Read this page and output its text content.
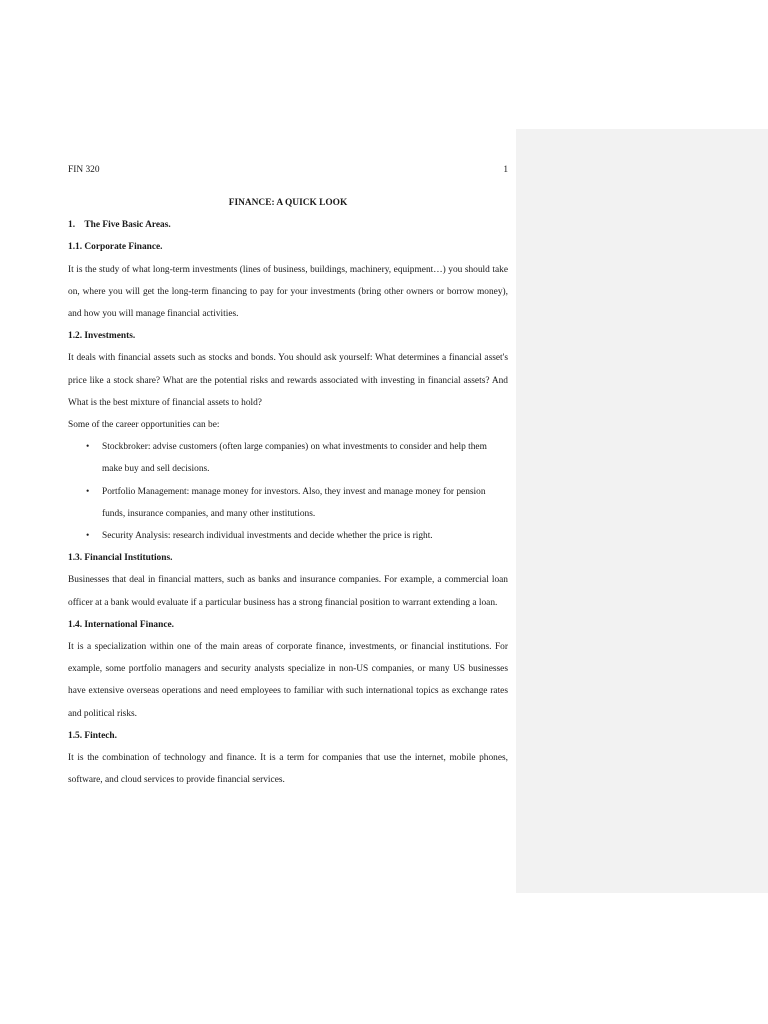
FIN 320	1

FINANCE: A QUICK LOOK

1.    The Five Basic Areas.

1.1. Corporate Finance.

It is the study of what long-term investments (lines of business, buildings, machinery, equipment…) you should take on, where you will get the long-term financing to pay for your investments (bring other owners or borrow money), and how you will manage financial activities.

1.2. Investments.

It deals with financial assets such as stocks and bonds. You should ask yourself: What determines a financial asset's price like a stock share? What are the potential risks and rewards associated with investing in financial assets? And What is the best mixture of financial assets to hold?

Some of the career opportunities can be:

• Stockbroker: advise customers (often large companies) on what investments to consider and help them make buy and sell decisions.
• Portfolio Management: manage money for investors. Also, they invest and manage money for pension funds, insurance companies, and many other institutions.
• Security Analysis: research individual investments and decide whether the price is right.

1.3. Financial Institutions.

Businesses that deal in financial matters, such as banks and insurance companies. For example, a commercial loan officer at a bank would evaluate if a particular business has a strong financial position to warrant extending a loan.

1.4. International Finance.

It is a specialization within one of the main areas of corporate finance, investments, or financial institutions. For example, some portfolio managers and security analysts specialize in non-US companies, or many US businesses have extensive overseas operations and need employees to familiar with such international topics as exchange rates and political risks.

1.5. Fintech.

It is the combination of technology and finance. It is a term for companies that use the internet, mobile phones, software, and cloud services to provide financial services.
